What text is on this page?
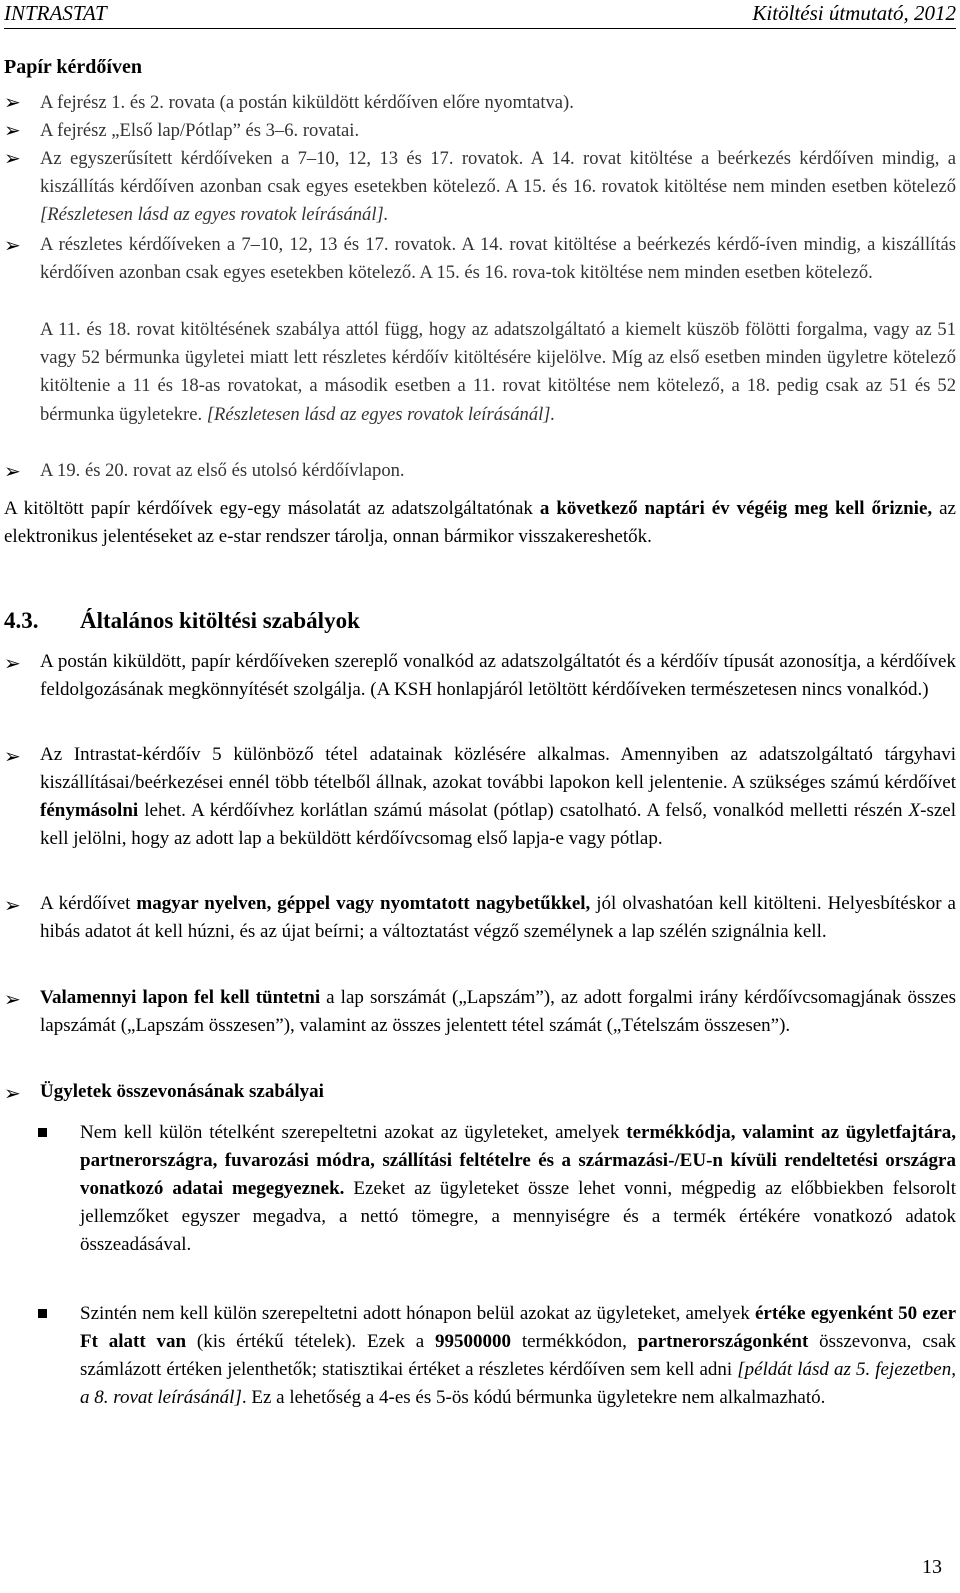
INTRASTAT	Kitöltési útmutató, 2012
Papír kérdőíven
➢	A fejrész 1. és 2. rovata (a postán kiküldött kérdőíven előre nyomtatva).
➢	A fejrész „Első lap/Pótlap” és 3–6. rovatai.
➢	Az egyszerűsített kérdőíveken a 7–10, 12, 13 és 17. rovatok. A 14. rovat kitöltése a beérkezés kérdőíven mindig, a kiszállítás kérdőíven azonban csak egyes esetekben kötelező. A 15. és 16. rovatok kitöltése nem minden esetben kötelező [Részletesen lásd az egyes rovatok leírásánál].
➢	A részletes kérdőíveken a 7–10, 12, 13 és 17. rovatok. A 14. rovat kitöltése a beérkezés kérdő-íven mindig, a kiszállítás kérdőíven azonban csak egyes esetekben kötelező. A 15. és 16. rova-tok kitöltése nem minden esetben kötelező.
A 11. és 18. rovat kitöltésének szabálya attól függ, hogy az adatszolgáltató a kiemelt küszöb fölötti forgalma, vagy az 51 vagy 52 bérmunka ügyletei miatt lett részletes kérdőív kitöltésére kijelölve. Míg az első esetben minden ügyletre kötelező kitöltenie a 11 és 18-as rovatokat, a második esetben a 11. rovat kitöltése nem kötelező, a 18. pedig csak az 51 és 52 bérmunka ügyletekre. [Részletesen lásd az egyes rovatok leírásánál].
➢	A 19. és 20. rovat az első és utolsó kérdőívlapon.
A kitöltött papír kérdőívek egy-egy másolatát az adatszolgáltatónak a következő naptári év végéig meg kell őriznie, az elektronikus jelentéseket az e-star rendszer tárolja, onnan bármikor visszakereshetők.
4.3. Általános kitöltési szabályok
➢	A postán kiküldött, papír kérdőíveken szereplő vonalkód az adatszolgáltatót és a kérdőív típusát azonosítja, a kérdőívek feldolgozásának megkönnyítését szolgálja. (A KSH honlapjáról letöltött kérdőíveken természetesen nincs vonalkód.)
➢	Az Intrastat-kérdőív 5 különböző tétel adatainak közlésére alkalmas. Amennyiben az adatszolgáltató tárgyhavi kiszállításai/beérkezései ennél több tételből állnak, azokat további lapokon kell jelentenie. A szükséges számú kérdőívet fénymásolni lehet. A kérdőívhez korlátlan számú másolat (pótlap) csatolható. A felső, vonalkód melletti részén X-szel kell jelölni, hogy az adott lap a beküldött kérdőívcsomag első lapja-e vagy pótlap.
➢	A kérdőívet magyar nyelven, géppel vagy nyomtatott nagybetűkkel, jól olvashatóan kell kitölteni. Helyesbítéskor a hibás adatot át kell húzni, és az újat beírni; a változtatást végző személynek a lap szélén szignálnia kell.
➢	Valamennyi lapon fel kell tüntetni a lap sorszámát („Lapszám”), az adott forgalmi irány kérdőívcsomagjának összes lapszámát („Lapszám összesen”), valamint az összes jelentett tétel számát („Tételszám összesen”).
➢	Ügyletek összevonásának szabályai
Nem kell külön tételként szerepeltetni azokat az ügyleteket, amelyek termékkódja, valamint az ügyletfajtára, partnerországra, fuvarozási módra, szállítási feltételre és a származási-/EU-n kívüli rendeltetési országra vonatkozó adatai megegyeznek. Ezeket az ügyleteket össze lehet vonni, mégpedig az előbbiekben felsorolt jellemzőket egyszer megadva, a nettó tömegre, a mennyiségre és a termék értékére vonatkozó adatok összeadásával.
Szintén nem kell külön szerepeltetni adott hónapon belül azokat az ügyleteket, amelyek értéke egyenként 50 ezer Ft alatt van (kis értékű tételek). Ezek a 99500000 termékkódon, partnerországonként összevonva, csak számlázott értéken jelenthetők; statisztikai értéket a részletes kérdőíven sem kell adni [példát lásd az 5. fejezetben, a 8. rovat leírásánál]. Ez a lehetőség a 4-es és 5-ös kódú bérmunka ügyletekre nem alkalmazható.
13
